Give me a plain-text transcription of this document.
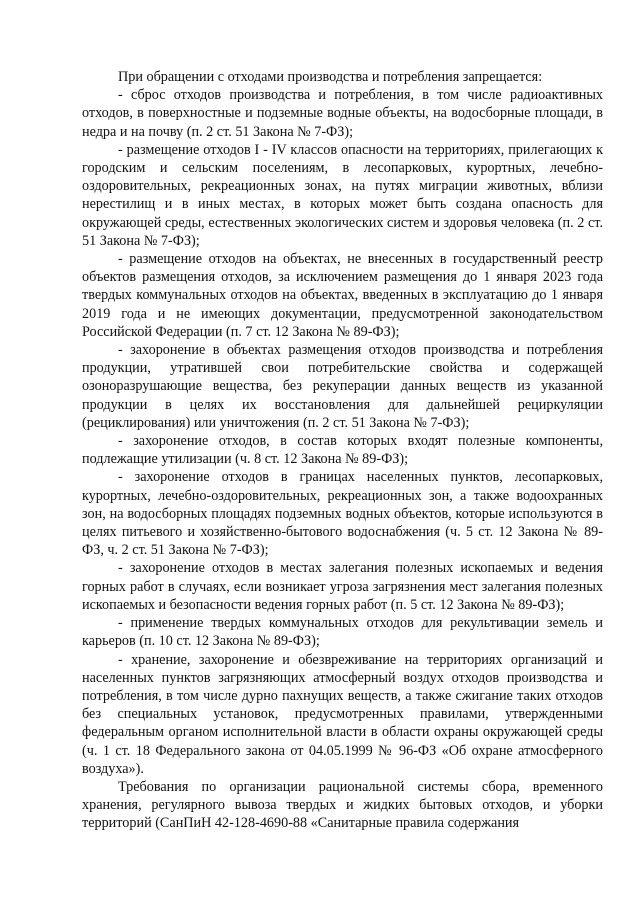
При обращении с отходами производства и потребления запрещается:

- сброс отходов производства и потребления, в том числе радиоактивных отходов, в поверхностные и подземные водные объекты, на водосборные площади, в недра и на почву (п. 2 ст. 51 Закона № 7-ФЗ);

- размещение отходов I - IV классов опасности на территориях, прилегающих к городским и сельским поселениям, в лесопарковых, курортных, лечебно-оздоровительных, рекреационных зонах, на путях миграции животных, вблизи нерестилищ и в иных местах, в которых может быть создана опасность для окружающей среды, естественных экологических систем и здоровья человека (п. 2 ст. 51 Закона № 7-ФЗ);

- размещение отходов на объектах, не внесенных в государственный реестр объектов размещения отходов, за исключением размещения до 1 января 2023 года твердых коммунальных отходов на объектах, введенных в эксплуатацию до 1 января 2019 года и не имеющих документации, предусмотренной законодательством Российской Федерации (п. 7 ст. 12 Закона № 89-ФЗ);

- захоронение в объектах размещения отходов производства и потребления продукции, утратившей свои потребительские свойства и содержащей озоноразрушающие вещества, без рекуперации данных веществ из указанной продукции в целях их восстановления для дальнейшей рециркуляции (рециклирования) или уничтожения (п. 2 ст. 51 Закона № 7-ФЗ);

- захоронение отходов, в состав которых входят полезные компоненты, подлежащие утилизации (ч. 8 ст. 12 Закона № 89-ФЗ);

- захоронение отходов в границах населенных пунктов, лесопарковых, курортных, лечебно-оздоровительных, рекреационных зон, а также водоохранных зон, на водосборных площадях подземных водных объектов, которые используются в целях питьевого и хозяйственно-бытового водоснабжения (ч. 5 ст. 12 Закона № 89-ФЗ, ч. 2 ст. 51 Закона № 7-ФЗ);

- захоронение отходов в местах залегания полезных ископаемых и ведения горных работ в случаях, если возникает угроза загрязнения мест залегания полезных ископаемых и безопасности ведения горных работ (п. 5 ст. 12 Закона № 89-ФЗ);

- применение твердых коммунальных отходов для рекультивации земель и карьеров (п. 10 ст. 12 Закона № 89-ФЗ);

- хранение, захоронение и обезвреживание на территориях организаций и населенных пунктов загрязняющих атмосферный воздух отходов производства и потребления, в том числе дурно пахнущих веществ, а также сжигание таких отходов без специальных установок, предусмотренных правилами, утвержденными федеральным органом исполнительной власти в области охраны окружающей среды (ч. 1 ст. 18 Федерального закона от 04.05.1999 № 96-ФЗ «Об охране атмосферного воздуха»).

Требования по организации рациональной системы сбора, временного хранения, регулярного вывоза твердых и жидких бытовых отходов, и уборки территорий (СанПиН 42-128-4690-88 «Санитарные правила содержания
